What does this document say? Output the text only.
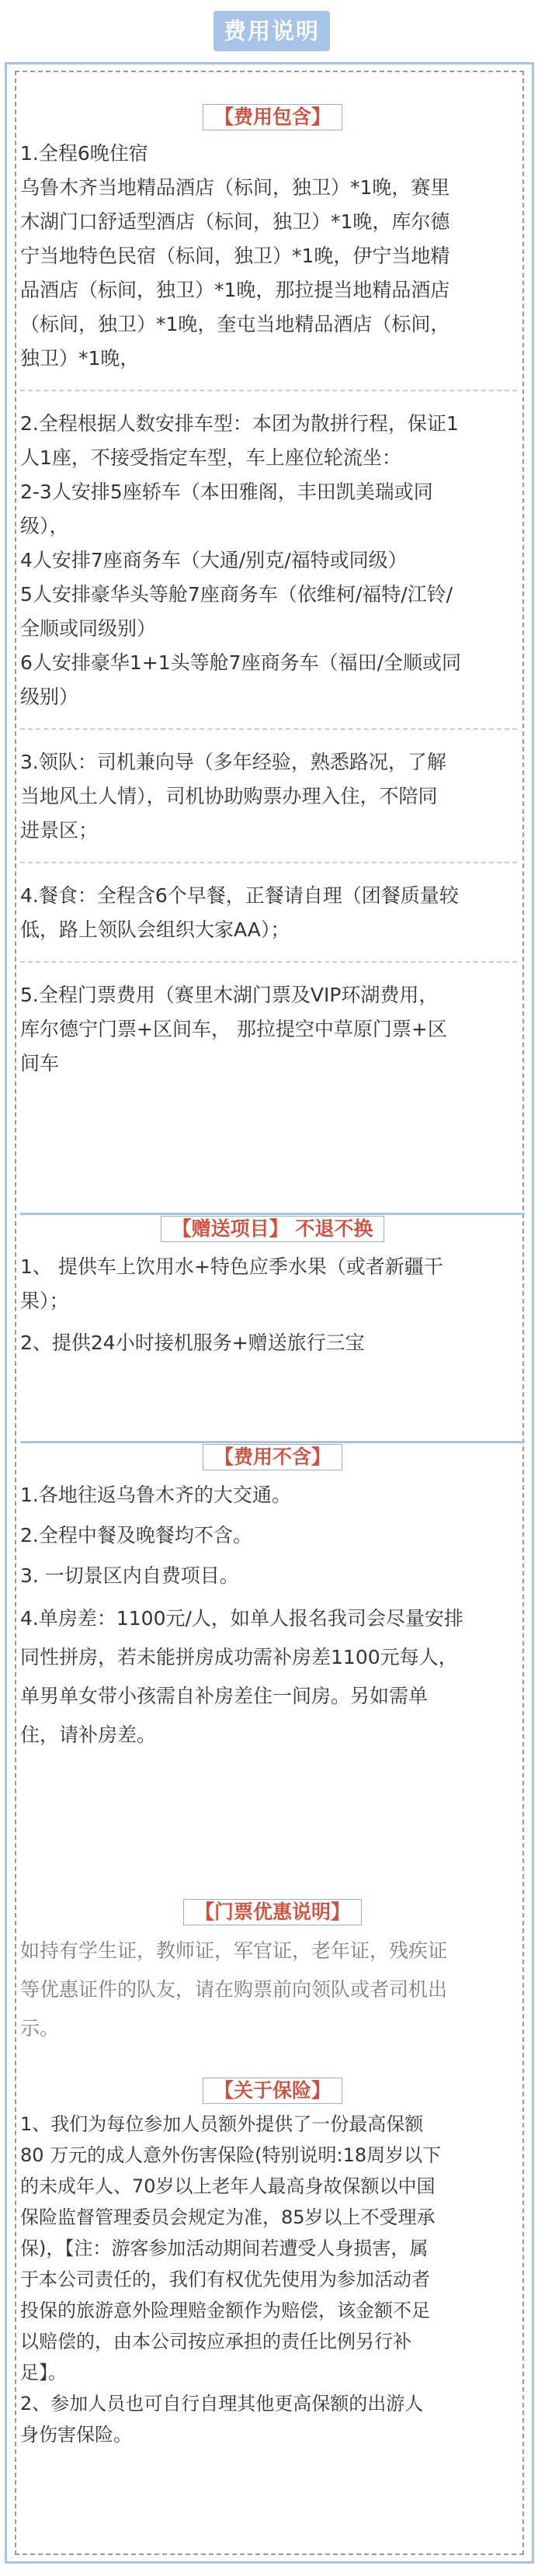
费用说明
【费用包含】

1.全程6晚住宿

乌鲁木齐当地精品酒店（标间，独卫）*1晚，赛里

木湖门口舒适型酒店（标间，独卫）*1晚，库尔德

宁当地特色民宿（标间，独卫）*1晚，伊宁当地精

品酒店（标间，独卫）*1晚，那拉提当地精品酒店

（标间，独卫）*1晚，奎屯当地精品酒店（标间，

独卫）*1晚，

2.全程根据人数安排车型：本团为散拼行程，保证1

人1座，不接受指定车型，车上座位轮流坐：

2-3人安排5座轿车（本田雅阁，丰田凯美瑞或同

级），

4人安排7座商务车（大通/别克/福特或同级）

5人安排豪华头等舱7座商务车（依维柯/福特/江铃/

全顺或同级别）

6人安排豪华1+1头等舱7座商务车（福田/全顺或同

级别）

3.领队：司机兼向导（多年经验，熟悉路况，了解

当地风土人情），司机协助购票办理入住，不陪同

进景区；

4.餐食：全程含6个早餐，正餐请自理（团餐质量较

低，路上领队会组织大家AA）；

5.全程门票费用（赛里木湖门票及VIP环湖费用，

库尔德宁门票+区间车， 那拉提空中草原门票+区

间车

【赠送项目】 不退不换

1、 提供车上饮用水+特色应季水果（或者新疆干

果）；

2、提供24小时接机服务+赠送旅行三宝

【费用不含】

1.各地往返乌鲁木齐的大交通。

2.全程中餐及晚餐均不含。

3. 一切景区内自费项目。

4.单房差：1100元/人，如单人报名我司会尽量安排

同性拼房，若未能拼房成功需补房差1100元每人，

单男单女带小孩需自补房差住一间房。另如需单

住，请补房差。

【门票优惠说明】

如持有学生证，教师证，军官证，老年证，残疾证

等优惠证件的队友，请在购票前向领队或者司机出

示。

【关于保险】

1、我们为每位参加人员额外提供了一份最高保额

80 万元的成人意外伤害保险(特别说明:18周岁以下

的未成年人、70岁以上老年人最高身故保额以中国

保险监督管理委员会规定为准，85岁以上不受理承

保)，【注：游客参加活动期间若遭受人身损害，属

于本公司责任的，我们有权优先使用为参加活动者

投保的旅游意外险理赔金额作为赔偿，该金额不足

以赔偿的，由本公司按应承担的责任比例另行补

足】。

2、参加人员也可自行自理其他更高保额的出游人

身伤害保险。
